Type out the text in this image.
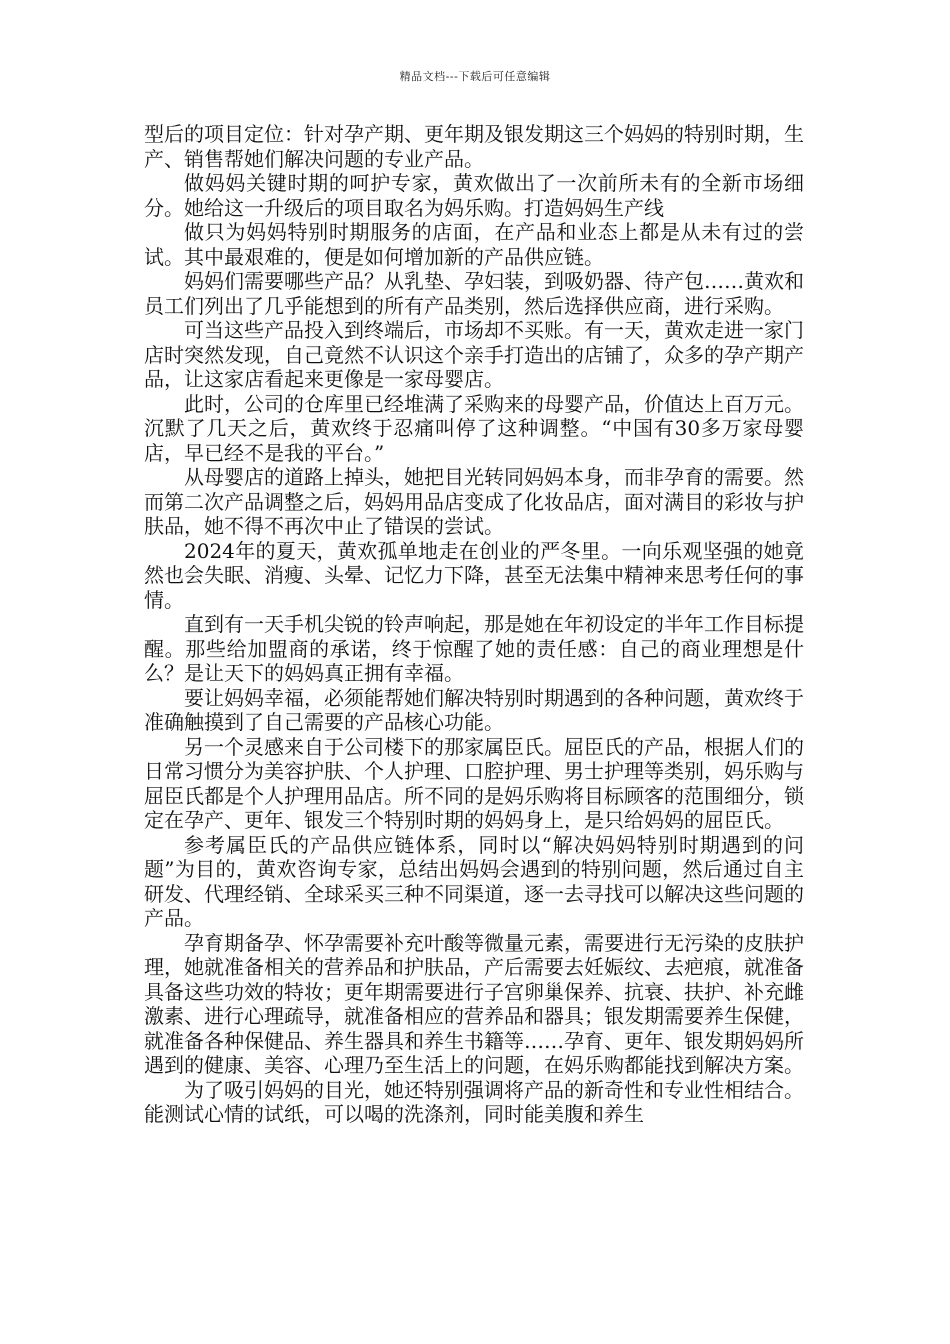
精品文档---下载后可任意编辑

型后的项目定位：针对孕产期、更年期及银发期这三个妈妈的特别时期，生产、销售帮她们解决问题的专业产品。

做妈妈关键时期的呵护专家，黄欢做出了一次前所未有的全新市场细分。她给这一升级后的项目取名为妈乐购。打造妈妈生产线

做只为妈妈特别时期服务的店面，在产品和业态上都是从未有过的尝试。其中最艰难的，便是如何增加新的产品供应链。

妈妈们需要哪些产品？从乳垫、孕妇装，到吸奶器、待产包……黄欢和员工们列出了几乎能想到的所有产品类别，然后选择供应商，进行采购。

可当这些产品投入到终端后，市场却不买账。有一天，黄欢走进一家门店时突然发现，自己竟然不认识这个亲手打造出的店铺了，众多的孕产期产品，让这家店看起来更像是一家母婴店。

此时，公司的仓库里已经堆满了采购来的母婴产品，价值达上百万元。沉默了几天之后，黄欢终于忍痛叫停了这种调整。“中国有30多万家母婴店，早已经不是我的平台。”

从母婴店的道路上掉头，她把目光转同妈妈本身，而非孕育的需要。然而第二次产品调整之后，妈妈用品店变成了化妆品店，面对满目的彩妆与护肤品，她不得不再次中止了错误的尝试。

2024年的夏天，黄欢孤单地走在创业的严冬里。一向乐观坚强的她竟然也会失眠、消瘦、头晕、记忆力下降，甚至无法集中精神来思考任何的事情。

直到有一天手机尖锐的铃声响起，那是她在年初设定的半年工作目标提醒。那些给加盟商的承诺，终于惊醒了她的责任感：自己的商业理想是什么？是让天下的妈妈真正拥有幸福。

要让妈妈幸福，必须能帮她们解决特别时期遇到的各种问题，黄欢终于准确触摸到了自己需要的产品核心功能。

另一个灵感来自于公司楼下的那家属臣氏。屈臣氏的产品，根据人们的日常习惯分为美容护肤、个人护理、口腔护理、男士护理等类别，妈乐购与屈臣氏都是个人护理用品店。所不同的是妈乐购将目标顾客的范围细分，锁定在孕产、更年、银发三个特别时期的妈妈身上，是只给妈妈的屈臣氏。

参考属臣氏的产品供应链体系，同时以“解决妈妈特别时期遇到的问题”为目的，黄欢咨询专家，总结出妈妈会遇到的特别问题，然后通过自主研发、代理经销、全球采买三种不同渠道，逐一去寻找可以解决这些问题的产品。

孕育期备孕、怀孕需要补充叶酸等微量元素，需要进行无污染的皮肤护理，她就准备相关的营养品和护肤品，产后需要去妊娠纹、去疤痕，就准备具备这些功效的特妆；更年期需要进行子宫卵巢保养、抗衰、扶护、补充雌激素、进行心理疏导，就准备相应的营养品和器具；银发期需要养生保健，就准备各种保健品、养生器具和养生书籍等……孕育、更年、银发期妈妈所遇到的健康、美容、心理乃至生活上的问题，在妈乐购都能找到解决方案。

为了吸引妈妈的目光，她还特别强调将产品的新奇性和专业性相结合。能测试心情的试纸，可以喝的洗涤剂，同时能美腹和养生
